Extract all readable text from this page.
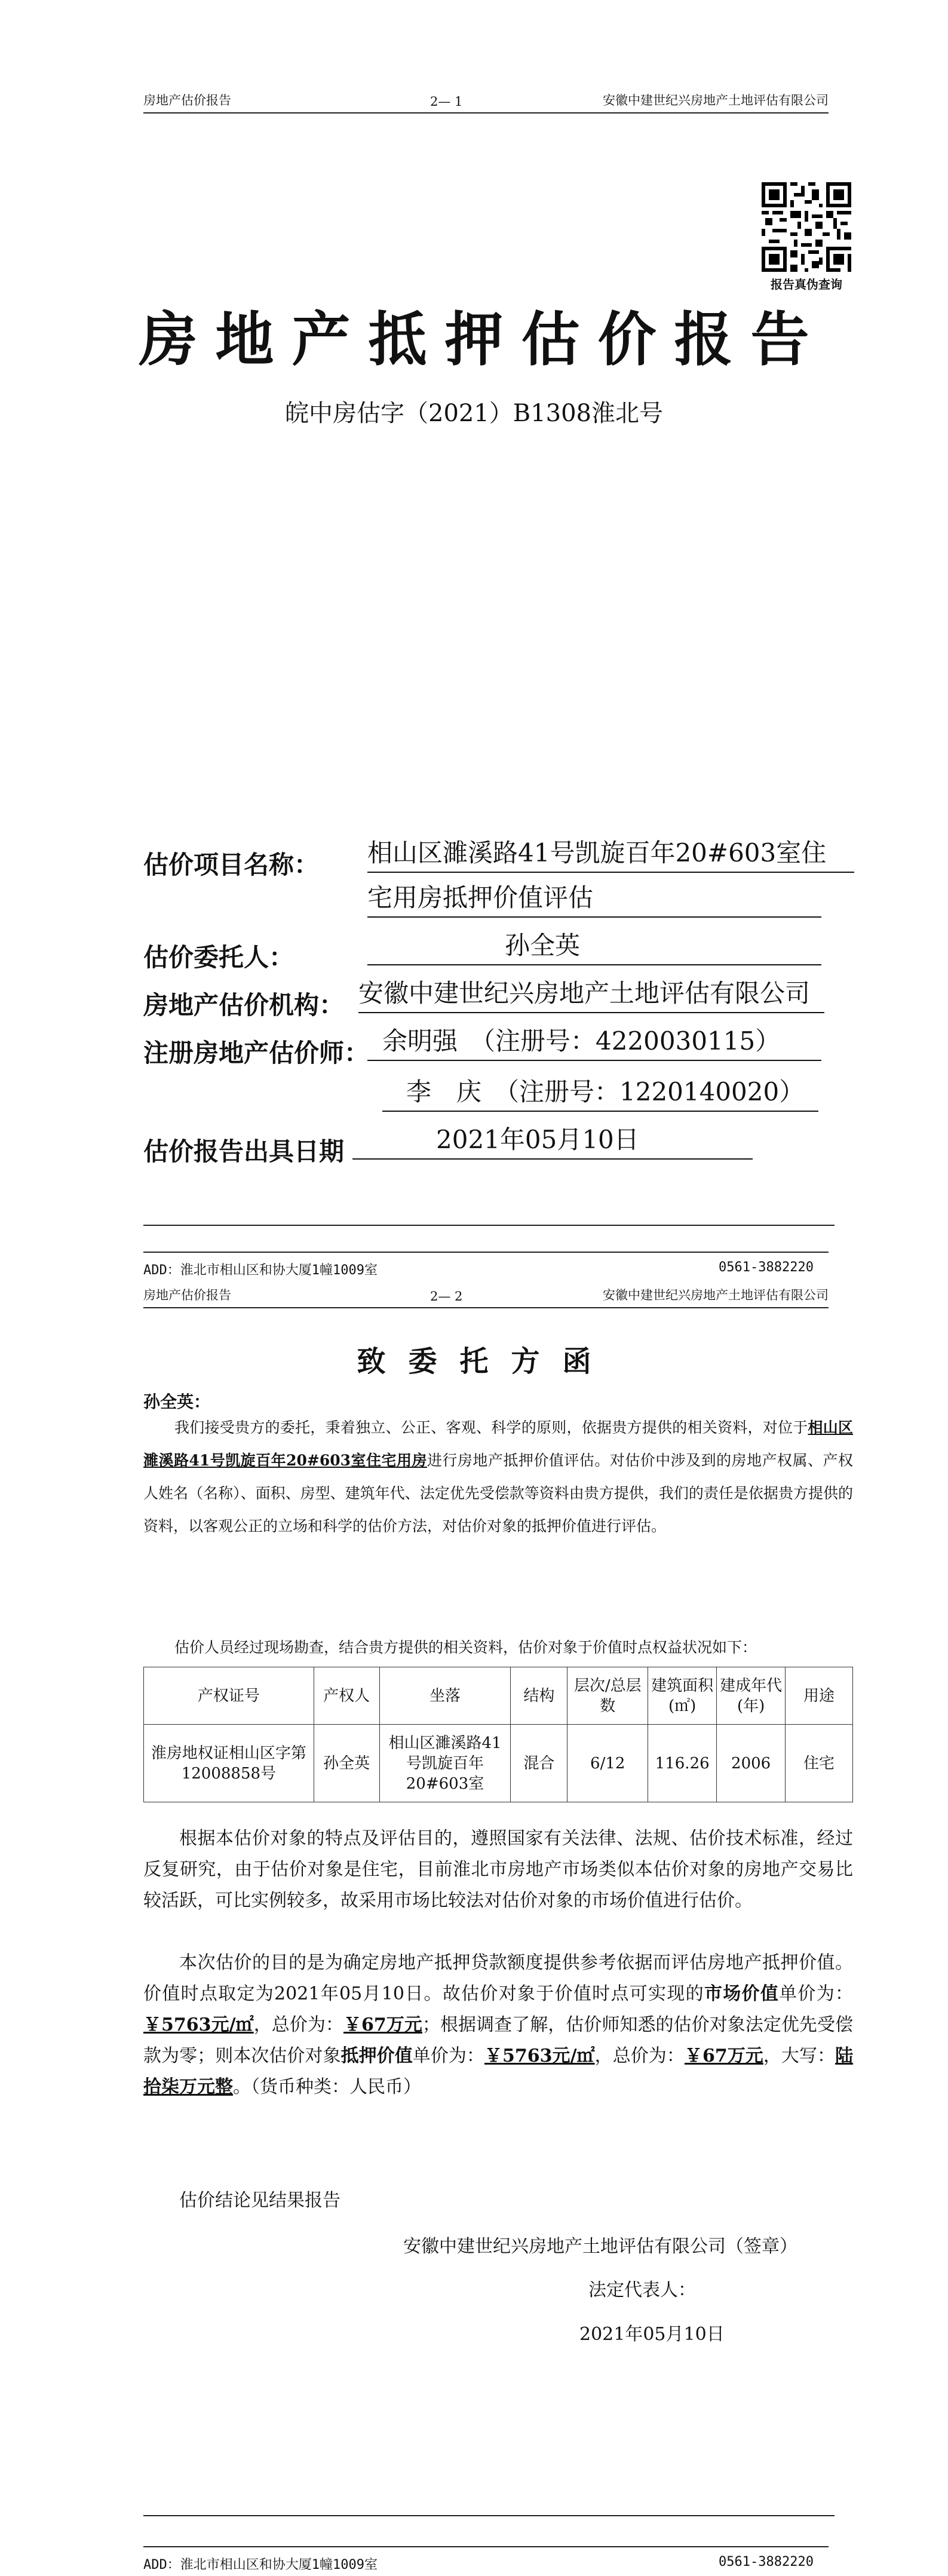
房地产估价报告	2— 1	安徽中建世纪兴房地产土地评估有限公司
报告真伪查询
房地产抵押估价报告
皖中房估字（2021）B1308淮北号
估价项目名称： 相山区濉溪路41号凯旋百年20#603室住
宅用房抵押价值评估
估价委托人：	孙全英
房地产估价机构： 安徽中建世纪兴房地产土地评估有限公司
注册房地产估价师： 余明强　（注册号：4220030115）
李　庆　（注册号：1220140020）
估价报告出具日期	2021年05月10日
ADD：淮北市相山区和协大厦1幢1009室	0561-3882220
房地产估价报告	2— 2	安徽中建世纪兴房地产土地评估有限公司
致委托方函
孙全英：
我们接受贵方的委托，秉着独立、公正、客观、科学的原则，依据贵方提供的相关资料，对位于相山区濉溪路41号凯旋百年20#603室住宅用房进行房地产抵押价值评估。对估价中涉及到的房地产权属、产权人姓名（名称）、面积、房型、建筑年代、法定优先受偿款等资料由贵方提供，我们的责任是依据贵方提供的资料，以客观公正的立场和科学的估价方法，对估价对象的抵押价值进行评估。
估价人员经过现场勘查，结合贵方提供的相关资料，估价对象于价值时点权益状况如下：
产权证号	产权人	坐落	结构	层次/总层数	建筑面积(㎡)	建成年代(年)	用途
淮房地权证相山区字第12008858号	孙全英	相山区濉溪路41号凯旋百年20#603室	混合	6/12	116.26	2006	住宅
根据本估价对象的特点及评估目的，遵照国家有关法律、法规、估价技术标准，经过反复研究，由于估价对象是住宅，目前淮北市房地产市场类似本估价对象的房地产交易比较活跃，可比实例较多，故采用市场比较法对估价对象的市场价值进行估价。
本次估价的目的是为确定房地产抵押贷款额度提供参考依据而评估房地产抵押价值。价值时点取定为2021年05月10日。故估价对象于价值时点可实现的市场价值单价为：￥5763元/㎡，总价为：￥67万元；根据调查了解，估价师知悉的估价对象法定优先受偿款为零；则本次估价对象抵押价值单价为：￥5763元/㎡，总价为：￥67万元，大写：陆拾柒万元整。（货币种类：人民币）
估价结论见结果报告
安徽中建世纪兴房地产土地评估有限公司（签章）
法定代表人：
2021年05月10日
ADD：淮北市相山区和协大厦1幢1009室	0561-3882220
